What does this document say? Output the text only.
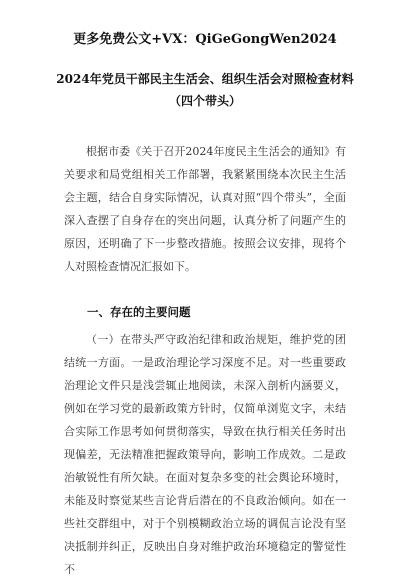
更多免费公文+VX：QiGeGongWen2024
2024年党员干部民主生活会、组织生活会对照检查材料
（四个带头）
根据市委《关于召开2024年度民主生活会的通知》有关要求和局党组相关工作部署，我紧紧围绕本次民主生活会主题，结合自身实际情况，认真对照“四个带头”，全面深入查摆了自身存在的突出问题，认真分析了问题产生的原因，还明确了下一步整改措施。按照会议安排，现将个人对照检查情况汇报如下。
一、存在的主要问题
（一）在带头严守政治纪律和政治规矩，维护党的团结统一方面。一是政治理论学习深度不足。对一些重要政治理论文件只是浅尝辄止地阅读，未深入剖析内涵要义，例如在学习党的最新政策方针时，仅简单浏览文字，未结合实际工作思考如何贯彻落实，导致在执行相关任务时出现偏差，无法精准把握政策导向，影响工作成效。二是政治敏锐性有所欠缺。在面对复杂多变的社会舆论环境时，未能及时察觉某些言论背后潜在的不良政治倾向。如在一些社交群组中，对于个别模糊政治立场的调侃言论没有坚决抵制并纠正，反映出自身对维护政治环境稳定的警觉性不
